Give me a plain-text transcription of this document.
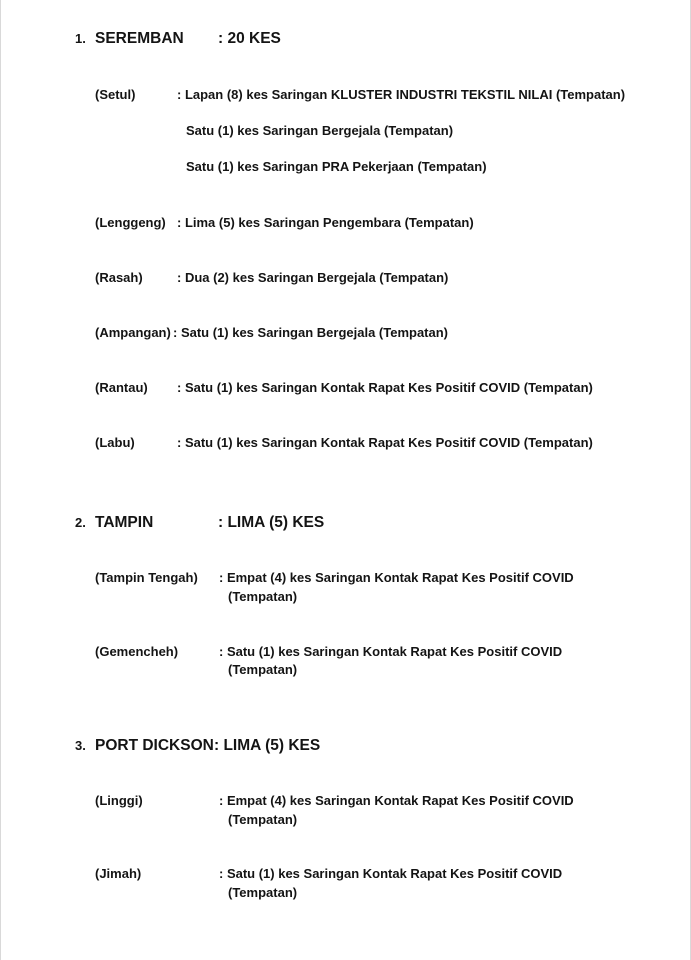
1. SEREMBAN : 20 KES
(Setul)	: Lapan (8) kes Saringan KLUSTER INDUSTRI TEKSTIL NILAI (Tempatan)
Satu (1) kes Saringan Bergejala (Tempatan)
Satu (1) kes Saringan PRA Pekerjaan (Tempatan)
(Lenggeng) : Lima (5) kes Saringan Pengembara (Tempatan)
(Rasah)	: Dua (2) kes Saringan Bergejala (Tempatan)
(Ampangan) : Satu (1) kes Saringan Bergejala (Tempatan)
(Rantau) : Satu (1) kes Saringan Kontak Rapat Kes Positif COVID (Tempatan)
(Labu)	: Satu (1) kes Saringan Kontak Rapat Kes Positif COVID (Tempatan)
2. TAMPIN	: LIMA (5) KES
(Tampin Tengah) : Empat (4) kes Saringan Kontak Rapat Kes Positif COVID
(Tempatan)
(Gemencheh)	: Satu (1) kes Saringan Kontak Rapat Kes Positif COVID
(Tempatan)
3. PORT DICKSON : LIMA (5) KES
(Linggi)	: Empat (4) kes Saringan Kontak Rapat Kes Positif COVID
(Tempatan)
(Jimah)	: Satu (1) kes Saringan Kontak Rapat Kes Positif COVID
(Tempatan)
